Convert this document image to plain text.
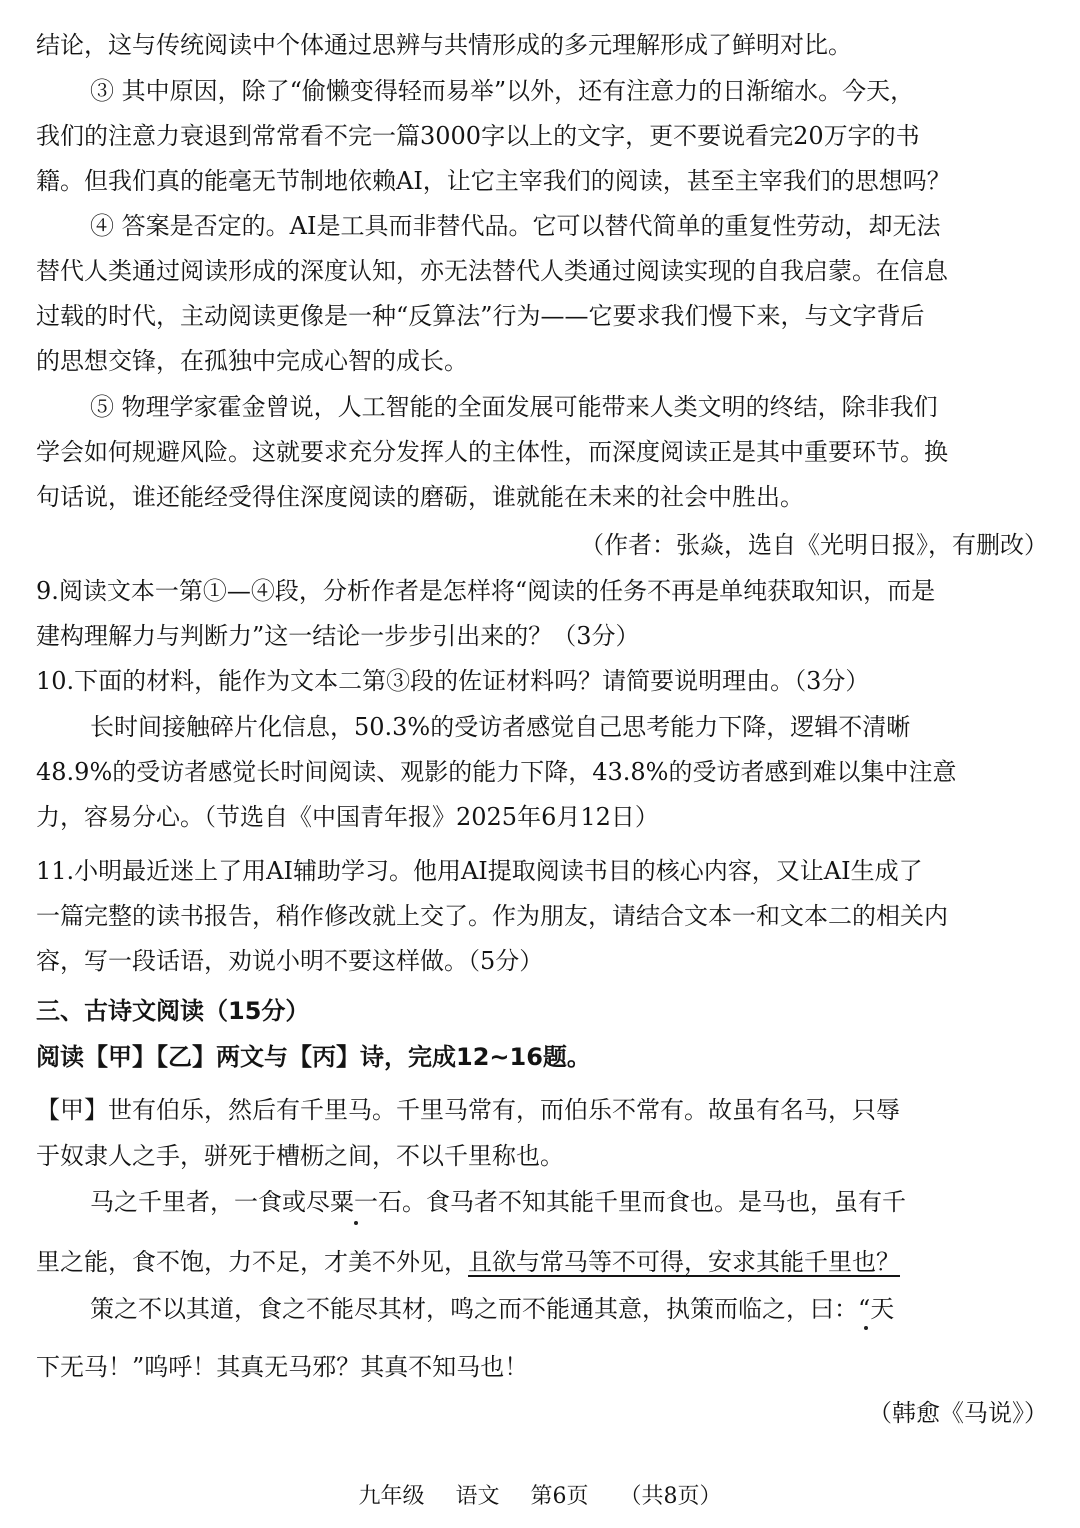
结论，这与传统阅读中个体通过思辨与共情形成的多元理解形成了鲜明对比。
③ 其中原因，除了“偷懒变得轻而易举”以外，还有注意力的日渐缩水。今天，
我们的注意力衰退到常常看不完一篇3000字以上的文字，更不要说看完20万字的书
籍。但我们真的能毫无节制地依赖AI，让它主宰我们的阅读，甚至主宰我们的思想吗？
④ 答案是否定的。AI是工具而非替代品。它可以替代简单的重复性劳动，却无法
替代人类通过阅读形成的深度认知，亦无法替代人类通过阅读实现的自我启蒙。在信息
过载的时代，主动阅读更像是一种“反算法”行为——它要求我们慢下来，与文字背后
的思想交锋，在孤独中完成心智的成长。
⑤ 物理学家霍金曾说，人工智能的全面发展可能带来人类文明的终结，除非我们
学会如何规避风险。这就要求充分发挥人的主体性，而深度阅读正是其中重要环节。换
句话说，谁还能经受得住深度阅读的磨砺，谁就能在未来的社会中胜出。
（作者：张焱，选自《光明日报》，有删改）
9.阅读文本一第①—④段，分析作者是怎样将“阅读的任务不再是单纯获取知识，而是
建构理解力与判断力”这一结论一步步引出来的？（3分）
10.下面的材料，能作为文本二第③段的佐证材料吗？请简要说明理由。（3分）
长时间接触碎片化信息，50.3%的受访者感觉自己思考能力下降，逻辑不清晰
48.9%的受访者感觉长时间阅读、观影的能力下降，43.8%的受访者感到难以集中注意
力，容易分心。（节选自《中国青年报》2025年6月12日）
11.小明最近迷上了用AI辅助学习。他用AI提取阅读书目的核心内容，又让AI生成了
一篇完整的读书报告，稍作修改就上交了。作为朋友，请结合文本一和文本二的相关内
容，写一段话语，劝说小明不要这样做。（5分）
三、古诗文阅读（15分）
阅读【甲】【乙】两文与【丙】诗，完成12~16题。
【甲】世有伯乐，然后有千里马。千里马常有，而伯乐不常有。故虽有名马，只辱
于奴隶人之手，骈死于槽枥之间，不以千里称也。
马之千里者，一食或尽粟一石。食马者不知其能千里而食也。是马也，虽有千
里之能，食不饱，力不足，才美不外见，且欲与常马等不可得，安求其能千里也？
策之不以其道，食之不能尽其材，鸣之而不能通其意，执策而临之，曰：“天
下无马！”呜呼！其真无马邪？其真不知马也！
（韩愈《马说》）
九年级 语文 第6页 （共8页）
